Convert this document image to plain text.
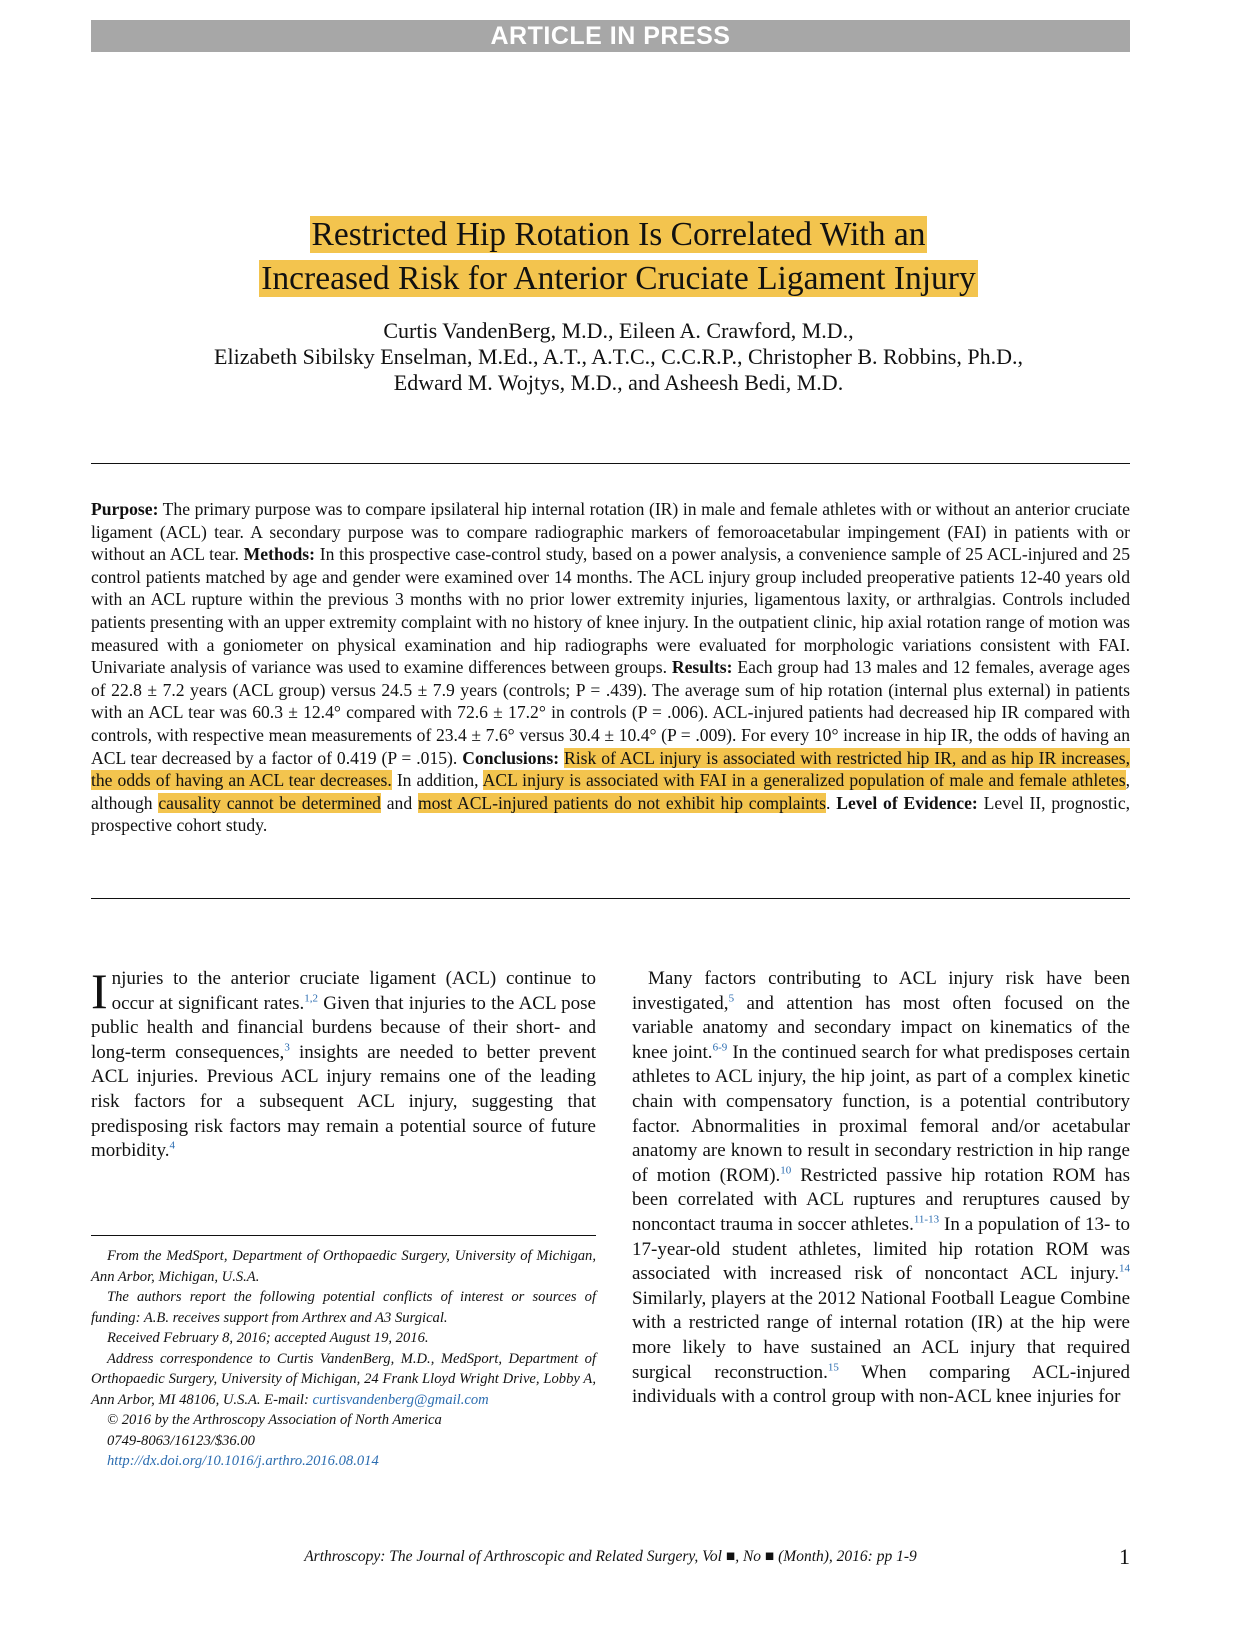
ARTICLE IN PRESS
Restricted Hip Rotation Is Correlated With an
Increased Risk for Anterior Cruciate Ligament Injury
Curtis VandenBerg, M.D., Eileen A. Crawford, M.D.,
Elizabeth Sibilsky Enselman, M.Ed., A.T., A.T.C., C.C.R.P., Christopher B. Robbins, Ph.D.,
Edward M. Wojtys, M.D., and Asheesh Bedi, M.D.
Purpose: The primary purpose was to compare ipsilateral hip internal rotation (IR) in male and female athletes with or without an anterior cruciate ligament (ACL) tear. A secondary purpose was to compare radiographic markers of femoroacetabular impingement (FAI) in patients with or without an ACL tear. Methods: In this prospective case-control study, based on a power analysis, a convenience sample of 25 ACL-injured and 25 control patients matched by age and gender were examined over 14 months. The ACL injury group included preoperative patients 12-40 years old with an ACL rupture within the previous 3 months with no prior lower extremity injuries, ligamentous laxity, or arthralgias. Controls included patients presenting with an upper extremity complaint with no history of knee injury. In the outpatient clinic, hip axial rotation range of motion was measured with a goniometer on physical examination and hip radiographs were evaluated for morphologic variations consistent with FAI. Univariate analysis of variance was used to examine differences between groups. Results: Each group had 13 males and 12 females, average ages of 22.8 ± 7.2 years (ACL group) versus 24.5 ± 7.9 years (controls; P = .439). The average sum of hip rotation (internal plus external) in patients with an ACL tear was 60.3 ± 12.4° compared with 72.6 ± 17.2° in controls (P = .006). ACL-injured patients had decreased hip IR compared with controls, with respective mean measurements of 23.4 ± 7.6° versus 30.4 ± 10.4° (P = .009). For every 10° increase in hip IR, the odds of having an ACL tear decreased by a factor of 0.419 (P = .015). Conclusions: Risk of ACL injury is associated with restricted hip IR, and as hip IR increases, the odds of having an ACL tear decreases. In addition, ACL injury is associated with FAI in a generalized population of male and female athletes, although causality cannot be determined and most ACL-injured patients do not exhibit hip complaints. Level of Evidence: Level II, prognostic, prospective cohort study.
Injuries to the anterior cruciate ligament (ACL) continue to occur at significant rates.$^{1,2}$ Given that injuries to the ACL pose public health and financial burdens because of their short- and long-term consequences,$^3$ insights are needed to better prevent ACL injuries. Previous ACL injury remains one of the leading risk factors for a subsequent ACL injury, suggesting that predisposing risk factors may remain a potential source of future morbidity.$^4$

From the MedSport, Department of Orthopaedic Surgery, University of Michigan, Ann Arbor, Michigan, U.S.A.

The authors report the following potential conflicts of interest or sources of funding: A.B. receives support from Arthrex and A3 Surgical.

Received February 8, 2016; accepted August 19, 2016.

Address correspondence to Curtis VandenBerg, M.D., MedSport, Department of Orthopaedic Surgery, University of Michigan, 24 Frank Lloyd Wright Drive, Lobby A, Ann Arbor, MI 48106, U.S.A. E-mail: curtisvandenberg@gmail.com

© 2016 by the Arthroscopy Association of North America

0749-8063/16123/$36.00

http://dx.doi.org/10.1016/j.arthro.2016.08.014

Many factors contributing to ACL injury risk have been investigated,$^5$ and attention has most often focused on the variable anatomy and secondary impact on kinematics of the knee joint.$^{6-9}$ In the continued search for what predisposes certain athletes to ACL injury, the hip joint, as part of a complex kinetic chain with compensatory function, is a potential contributory factor. Abnormalities in proximal femoral and/or acetabular anatomy are known to result in secondary restriction in hip range of motion (ROM).$^{10}$ Restricted passive hip rotation ROM has been correlated with ACL ruptures and reruptures caused by noncontact trauma in soccer athletes.$^{11-13}$ In a population of 13- to 17-year-old student athletes, limited hip rotation ROM was associated with increased risk of noncontact ACL injury.$^{14}$ Similarly, players at the 2012 National Football League Combine with a restricted range of internal rotation (IR) at the hip were more likely to have sustained an ACL injury that required surgical reconstruction.$^{15}$ When comparing ACL-injured individuals with a control group with non-ACL knee injuries for
Arthroscopy: The Journal of Arthroscopic and Related Surgery, Vol ■, No ■ (Month), 2016: pp 1-9	1
